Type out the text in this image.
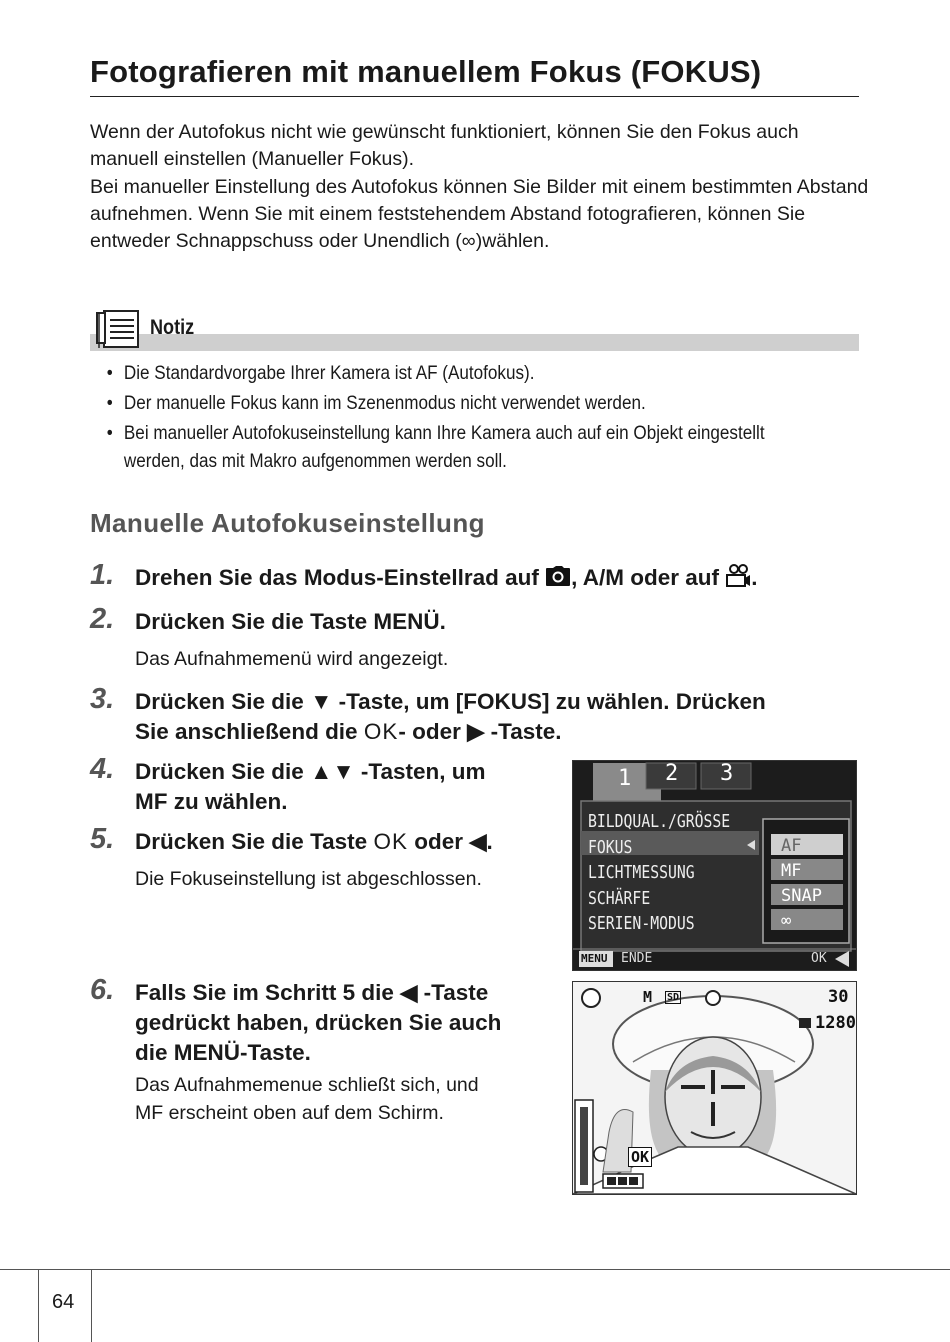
Fotografieren mit manuellem Fokus (FOKUS)

Wenn der Autofokus nicht wie gewünscht funktioniert, können Sie den Fokus auch manuell einstellen (Manueller Fokus).

Bei manueller Einstellung des Autofokus können Sie Bilder mit einem bestimmten Abstand aufnehmen. Wenn Sie mit einem feststehendem Abstand fotografieren, können Sie entweder Schnappschuss oder Unendlich (∞)wählen.

Notiz
• Die Standardvorgabe Ihrer Kamera ist AF (Autofokus).
• Der manuelle Fokus kann im Szenenmodus nicht verwendet werden.
• Bei manueller Autofokuseinstellung kann Ihre Kamera auch auf ein Objekt eingestellt werden, das mit Makro aufgenommen werden soll.
Manuelle Autofokuseinstellung
1. Drehen Sie das Modus-Einstellrad auf , A/M oder auf .
2. Drücken Sie die Taste MENÜ.
Das Aufnahmemenü wird angezeigt.
3. Drücken Sie die ▼ -Taste, um [FOKUS] zu wählen. Drücken
Sie anschließend die OK- oder ▶ -Taste.
4. Drücken Sie die ▲▼ -Tasten, um
MF zu wählen.
5. Drücken Sie die Taste OK oder ◀.
Die Fokuseinstellung ist abgeschlossen.
6. Falls Sie im Schritt 5 die ◀ -Taste
gedrückt haben, drücken Sie auch
die MENÜ-Taste.
Das Aufnahmemenue schließt sich, und
MF erscheint oben auf dem Schirm.
1 2 3
BILDQUAL./GRÖSSE
FOKUS
LICHTMESSUNG
SCHÄRFE
SERIEN-MODUS
AF
MF
SNAP
∞
MENU ENDE	OK
M SD	30
1280
OK
64
